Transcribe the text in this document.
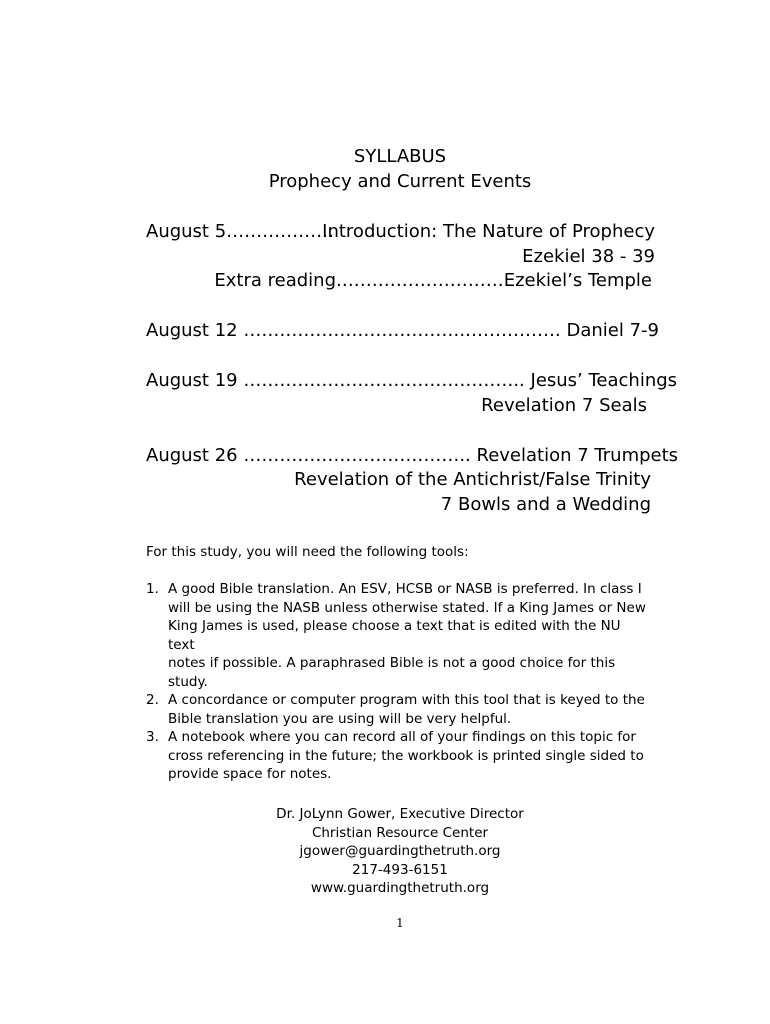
SYLLABUS
Prophecy and Current Events
August 5………………
Introduction: The Nature of Prophecy
Ezekiel 38 - 39
Extra reading.………………………Ezekiel’s Temple
August 12 ……………………………….……………. Daniel 7-9
August 19 ……………………………………….. Jesus’ Teachings
Revelation 7 Seals
August 26 ……………………………….. Revelation 7 Trumpets
Revelation of the Antichrist/False Trinity
7 Bowls and a Wedding
For this study, you will need the following tools:
1. A good Bible translation. An ESV, HCSB or NASB is preferred. In class I
will be using the NASB unless otherwise stated. If a King James or New
King James is used, please choose a text that is edited with the NU text
notes if possible. A paraphrased Bible is not a good choice for this
study.
2. A concordance or computer program with this tool that is keyed to the
Bible translation you are using will be very helpful.
3. A notebook where you can record all of your findings on this topic for
cross referencing in the future; the workbook is printed single sided to
provide space for notes.
Dr. JoLynn Gower, Executive Director
Christian Resource Center
jgower@guardingthetruth.org
217-493-6151
www.guardingthetruth.org
1
